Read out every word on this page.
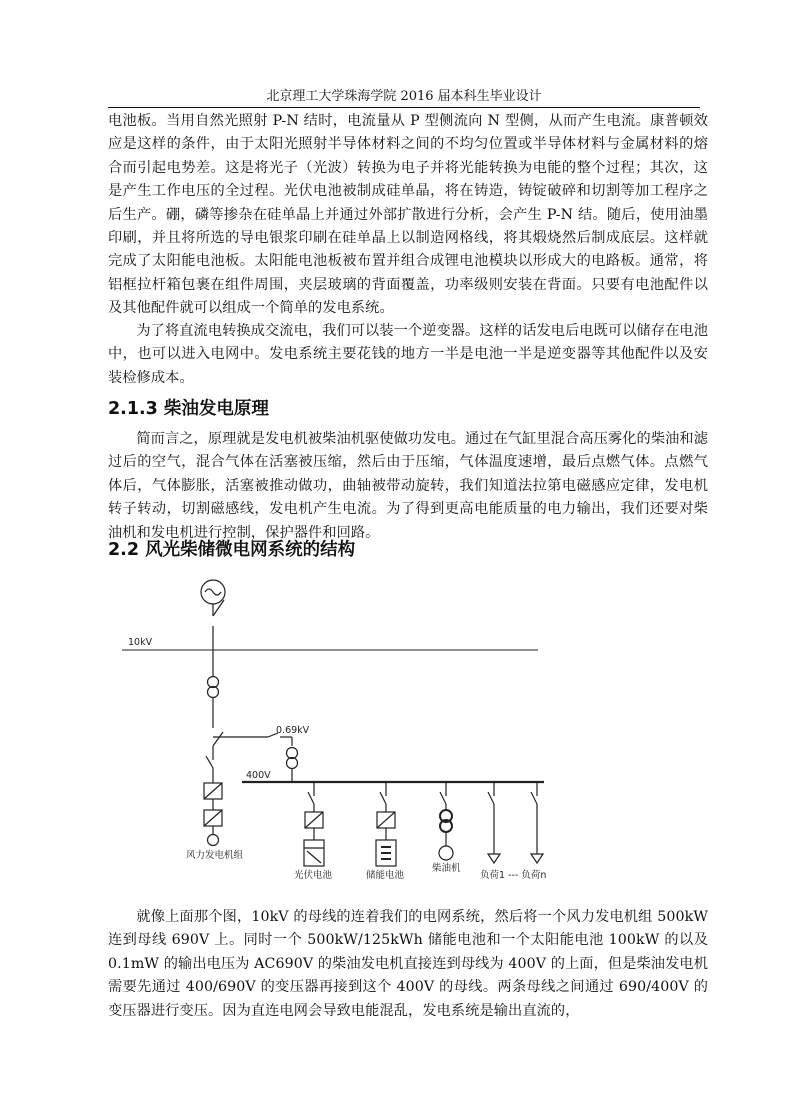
北京理工大学珠海学院 2016 届本科生毕业设计
电池板。当用自然光照射 P-N 结时，电流量从 P 型侧流向 N 型侧，从而产生电流。康普顿效应是这样的条件，由于太阳光照射半导体材料之间的不均匀位置或半导体材料与金属材料的熔合而引起电势差。这是将光子（光波）转换为电子并将光能转换为电能的整个过程；其次，这是产生工作电压的全过程。光伏电池被制成硅单晶，将在铸造，铸锭破碎和切割等加工程序之后生产。硼，磷等掺杂在硅单晶上并通过外部扩散进行分析，会产生 P-N 结。随后，使用油墨印刷，并且将所选的导电银浆印刷在硅单晶上以制造网格线，将其煅烧然后制成底层。这样就完成了太阳能电池板。太阳能电池板被布置并组合成锂电池模块以形成大的电路板。通常，将铝框拉杆箱包裹在组件周围，夹层玻璃的背面覆盖，功率级则安装在背面。只要有电池配件以及其他配件就可以组成一个简单的发电系统。
为了将直流电转换成交流电，我们可以装一个逆变器。这样的话发电后电既可以储存在电池中，也可以进入电网中。发电系统主要花钱的地方一半是电池一半是逆变器等其他配件以及安装检修成本。
2.1.3 柴油发电原理
简而言之，原理就是发电机被柴油机驱使做功发电。通过在气缸里混合高压雾化的柴油和滤过后的空气，混合气体在活塞被压缩，然后由于压缩，气体温度速增，最后点燃气体。点燃气体后，气体膨胀，活塞被推动做功，曲轴被带动旋转，我们知道法拉第电磁感应定律，发电机转子转动，切割磁感线，发电机产生电流。为了得到更高电能质量的电力输出，我们还要对柴油机和发电机进行控制，保护器件和回路。
2.2 风光柴储微电网系统的结构
10kV
0.69kV
400V
风力发电机组
光伏电池	储能电池
柴油机
负荷1 --- 负荷n
就像上面那个图，10kV 的母线的连着我们的电网系统，然后将一个风力发电机组 500kW 连到母线 690V 上。同时一个 500kW/125kWh 储能电池和一个太阳能电池 100kW 的以及 0.1mW 的输出电压为 AC690V 的柴油发电机直接连到母线为 400V 的上面，但是柴油发电机需要先通过 400/690V 的变压器再接到这个 400V 的母线。两条母线之间通过 690/400V 的变压器进行变压。因为直连电网会导致电能混乱，发电系统是输出直流的，
